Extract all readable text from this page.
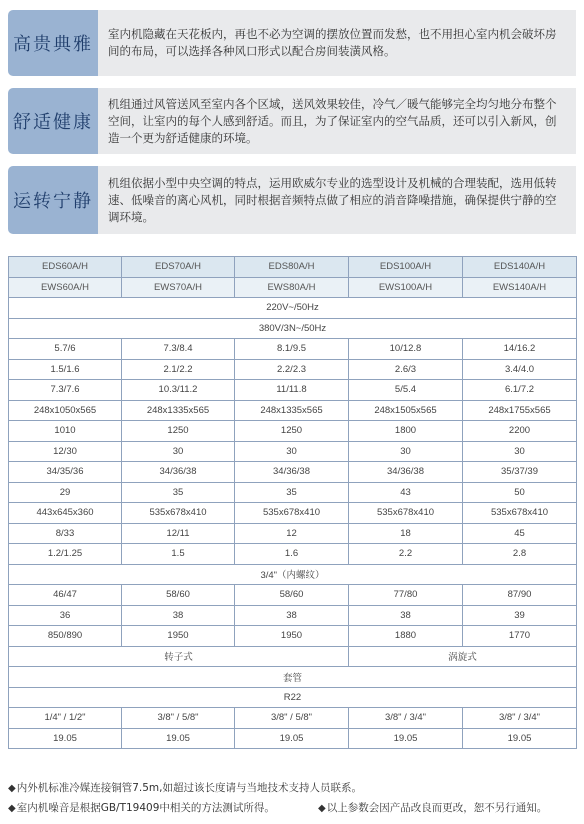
高贵典雅	室内机隐藏在天花板内，再也不必为空调的摆放位置而发愁，也不用担心室内机会破坏房间的布局，可以选择各种风口形式以配合房间装潢风格。
舒适健康
机组通过风管送风至室内各个区域，送风效果较佳，冷气／暖气能够完全均匀地分布整个空间，让室内的每个人感到舒适。而且，为了保证室内的空气品质，还可以引入新风，创造一个更为舒适健康的环境。
运转宁静
机组依据小型中央空调的特点，运用欧威尔专业的选型设计及机械的合理装配，选用低转速、低噪音的离心风机，同时根据音频特点做了相应的消音降噪措施，确保提供宁静的空调环境。
EDS60A/H	EDS70A/H	EDS80A/H	EDS100A/H	EDS140A/H
EWS60A/H	EWS70A/H	EWS80A/H	EWS100A/H	EWS140A/H
220V~/50Hz				
380V/3N~/50Hz				
5.7/6	7.3/8.4	8.1/9.5	10/12.8	14/16.2
1.5/1.6	2.1/2.2	2.2/2.3	2.6/3	3.4/4.0
7.3/7.6	10.3/11.2	11/11.8	5/5.4	6.1/7.2
248x1050x565	248x1335x565	248x1335x565	248x1505x565	248x1755x565
1010	1250	1250	1800	2200
12/30	30	30	30	30
34/35/36	34/36/38	34/36/38	34/36/38	35/37/39
29	35	35	43	50
443x645x360	535x678x410	535x678x410	535x678x410	535x678x410
8/33	12/11	12	18	45
1.2/1.25	1.5	1.6	2.2	2.8
3/4"（内螺纹）				
46/47	58/60	58/60	77/80	87/90
36	38	38	38	39
850/890	1950	1950	1880	1770
转子式			涡旋式	
套管				
R22				
1/4" / 1/2"	3/8" / 5/8"	3/8" / 5/8"	3/8" / 3/4"	3/8" / 3/4"
19.05	19.05	19.05	19.05	19.05
◆内外机标准冷媒连接铜管7.5m,如超过该长度请与当地技术支持人员联系。
◆室内机噪音是根据GB/T19409中相关的方法测试所得。	◆以上参数会因产品改良而更改，恕不另行通知。
